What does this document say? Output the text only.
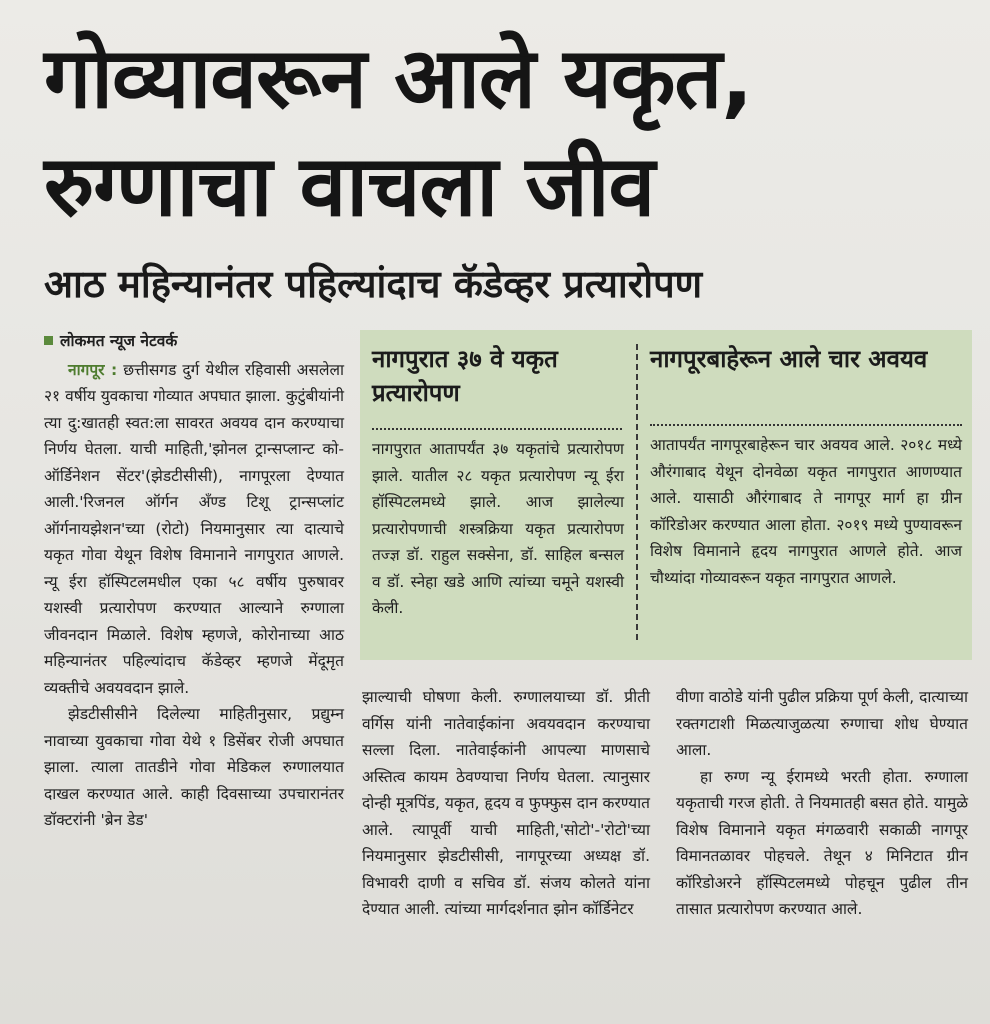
गोव्यावरून आले यकृत, रुग्णाचा वाचला जीव
आठ महिन्यानंतर पहिल्यांदाच कॅडेव्हर प्रत्यारोपण
लोकमत न्यूज नेटवर्क

नागपूर : छत्तीसगड दुर्ग येथील रहिवासी असलेला २१ वर्षीय युवकाचा गोव्यात अपघात झाला. कुटुंबीयांनी त्या दु:खातही स्वत:ला सावरत अवयव दान करण्याचा निर्णय घेतला. याची माहिती,'झोनल ट्रान्सप्लान्ट को-ऑर्डिनेशन सेंटर'(झेडटीसीसी), नागपूरला देण्यात आली.'रिजनल ऑर्गन अँण्ड टिशू ट्रान्सप्लांट ऑर्गनायझेशन'च्या (रोटो) नियमानुसार त्या दात्याचे यकृत गोवा येथून विशेष विमानाने नागपुरात आणले. न्यू ईरा हॉस्पिटलमधील एका ५८ वर्षीय पुरुषावर यशस्वी प्रत्यारोपण करण्यात आल्याने रुग्णाला जीवनदान मिळाले. विशेष म्हणजे, कोरोनाच्या आठ महिन्यानंतर पहिल्यांदाच कॅडेव्हर म्हणजे मेंदूमृत व्यक्तीचे अवयवदान झाले.

झेडटीसीसीने दिलेल्या माहितीनुसार, प्रद्युम्न नावाच्या युवकाचा गोवा येथे १ डिसेंबर रोजी अपघात झाला. त्याला तातडीने गोवा मेडिकल रुग्णालयात दाखल करण्यात आले. काही दिवसाच्या उपचारानंतर डॉक्टरांनी 'ब्रेन डेड'

नागपुरात ३७ वे यकृत प्रत्यारोपण
नागपुरात आतापर्यंत ३७ यकृतांचे प्रत्यारोपण झाले. यातील २८ यकृत प्रत्यारोपण न्यू ईरा हॉस्पिटलमध्ये झाले. आज झालेल्या प्रत्यारोपणाची शस्त्रक्रिया यकृत प्रत्यारोपण तज्ज्ञ डॉ. राहुल सक्सेना, डॉ. साहिल बन्सल व डॉ. स्नेहा खडे आणि त्यांच्या चमूने यशस्वी केली.
नागपूरबाहेरून आले चार अवयव
आतापर्यंत नागपूरबाहेरून चार अवयव आले. २०१८ मध्ये औरंगाबाद येथून दोनवेळा यकृत नागपुरात आणण्यात आले. यासाठी औरंगाबाद ते नागपूर मार्ग हा ग्रीन कॉरिडोअर करण्यात आला होता. २०१९ मध्ये पुण्यावरून विशेष विमानाने हृदय नागपुरात आणले होते. आज चौथ्यांदा गोव्यावरून यकृत नागपुरात आणले.

झाल्याची घोषणा केली. रुग्णालयाच्या डॉ. प्रीती वर्गिस यांनी नातेवाईकांना अवयवदान करण्याचा सल्ला दिला. नातेवाईकांनी आपल्या माणसाचे अस्तित्व कायम ठेवण्याचा निर्णय घेतला. त्यानुसार दोन्ही मूत्रपिंड, यकृत, हृदय व फुफ्फुस दान करण्यात आले. त्यापूर्वी याची माहिती,'सोटो'-'रोटो'च्या नियमानुसार झेडटीसीसी, नागपूरच्या अध्यक्ष डॉ. विभावरी दाणी व सचिव डॉ. संजय कोलते यांना देण्यात आली. त्यांच्या मार्गदर्शनात झोन कॉर्डिनेटर

वीणा वाठोडे यांनी पुढील प्रक्रिया पूर्ण केली, दात्याच्या रक्तगटाशी मिळत्याजुळत्या रुग्णाचा शोध घेण्यात आला.

हा रुग्ण न्यू ईरामध्ये भरती होता. रुग्णाला यकृताची गरज होती. ते नियमातही बसत होते. यामुळे विशेष विमानाने यकृत मंगळवारी सकाळी नागपूर विमानतळावर पोहचले. तेथून ४ मिनिटात ग्रीन कॉरिडोअरने हॉस्पिटलमध्ये पोहचून पुढील तीन तासात प्रत्यारोपण करण्यात आले.
